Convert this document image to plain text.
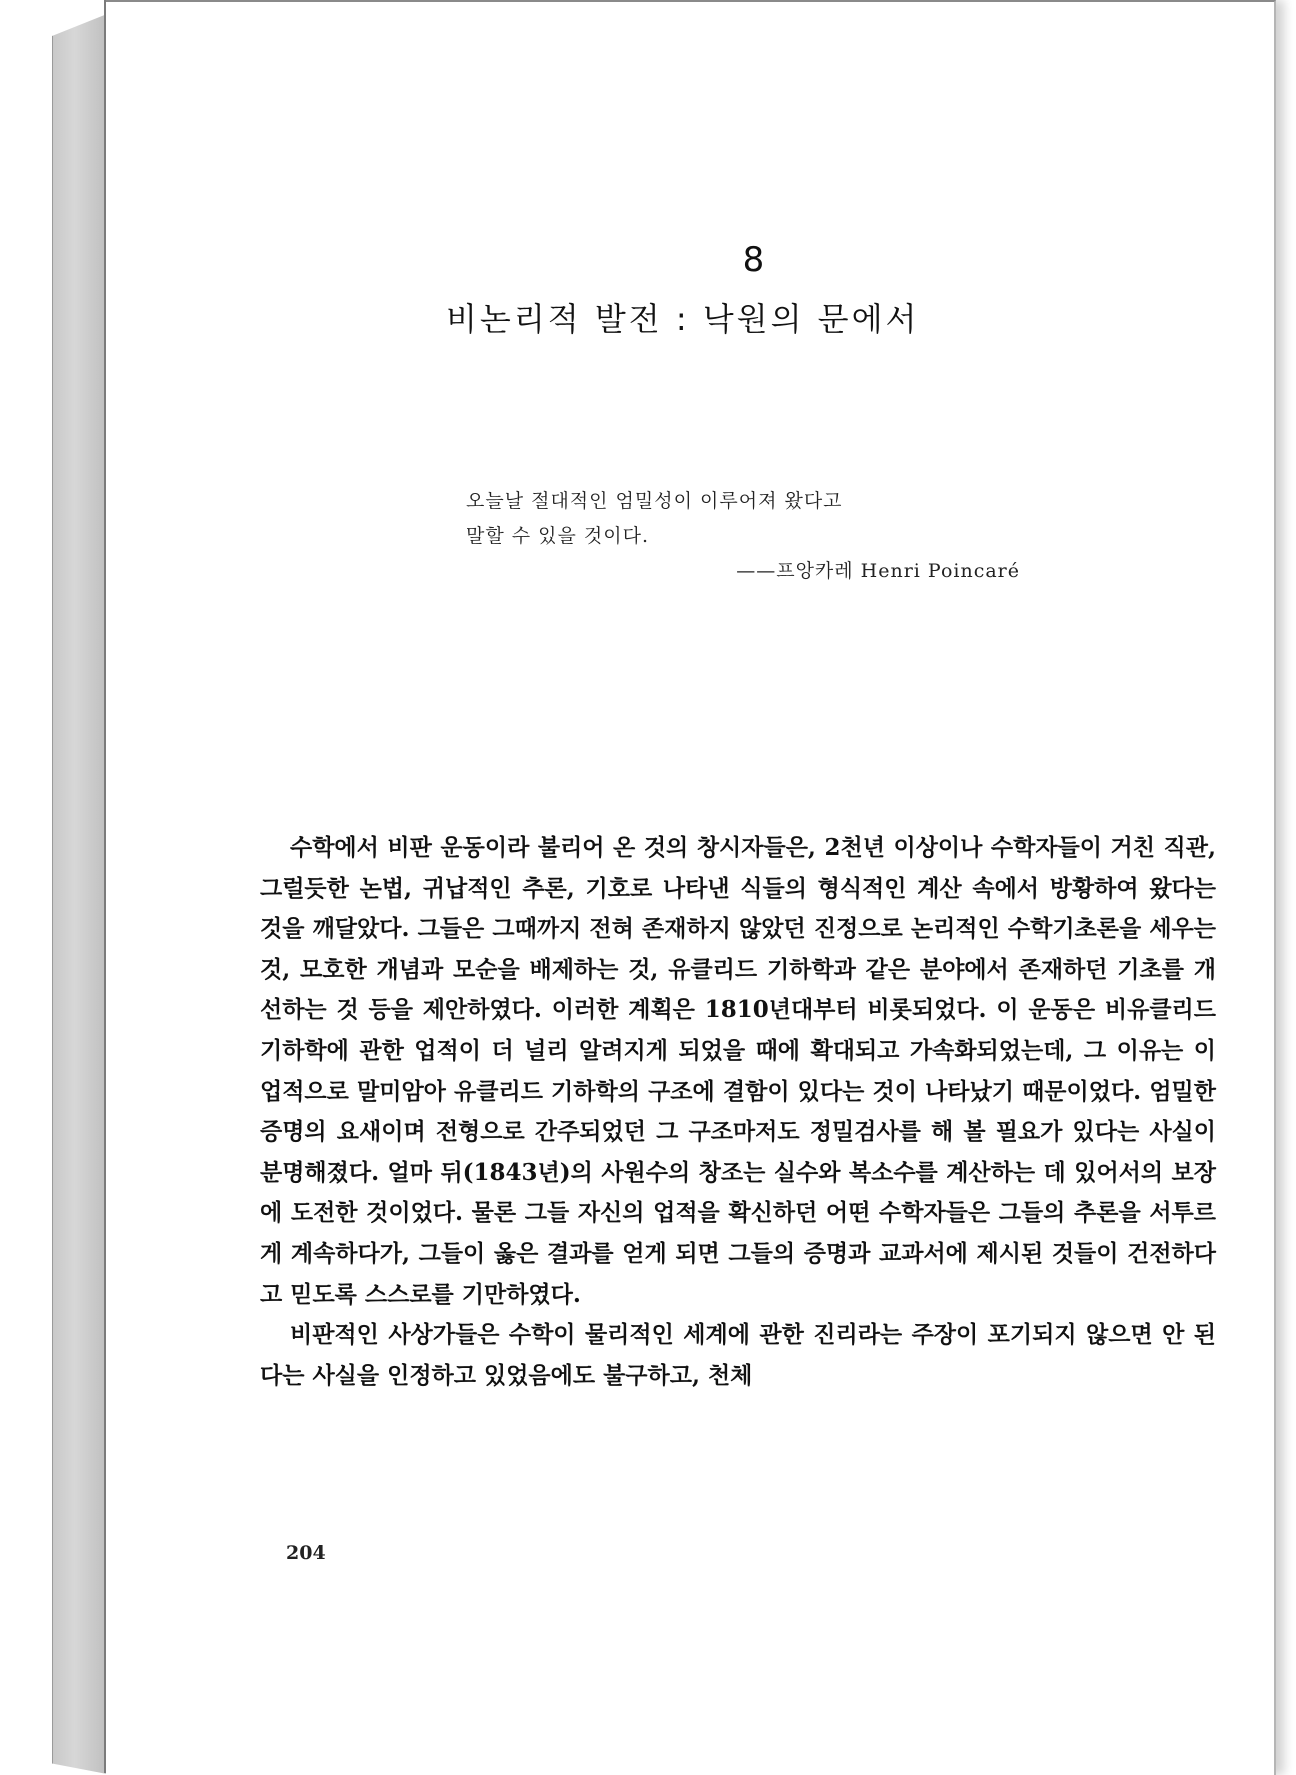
8
비논리적 발전 : 낙원의 문에서

오늘날 절대적인 엄밀성이 이루어져 왔다고

말할 수 있을 것이다.

——프앙카레 Henri Poincaré

수학에서 비판 운동이라 불리어 온 것의 창시자들은, 2천년 이상이나 수학자들이 거친 직관, 그럴듯한 논법, 귀납적인 추론, 기호로 나타낸 식들의 형식적인 계산 속에서 방황하여 왔다는 것을 깨달았다. 그들은 그때까지 전혀 존재하지 않았던 진정으로 논리적인 수학기초론을 세우는 것, 모호한 개념과 모순을 배제하는 것, 유클리드 기하학과 같은 분야에서 존재하던 기초를 개선하는 것 등을 제안하였다. 이러한 계획은 1810년대부터 비롯되었다. 이 운동은 비유클리드 기하학에 관한 업적이 더 널리 알려지게 되었을 때에 확대되고 가속화되었는데, 그 이유는 이 업적으로 말미암아 유클리드 기하학의 구조에 결함이 있다는 것이 나타났기 때문이었다. 엄밀한 증명의 요새이며 전형으로 간주되었던 그 구조마저도 정밀검사를 해 볼 필요가 있다는 사실이 분명해졌다. 얼마 뒤(1843년)의 사원수의 창조는 실수와 복소수를 계산하는 데 있어서의 보장에 도전한 것이었다. 물론 그들 자신의 업적을 확신하던 어떤 수학자들은 그들의 추론을 서투르게 계속하다가, 그들이 옳은 결과를 얻게 되면 그들의 증명과 교과서에 제시된 것들이 건전하다고 믿도록 스스로를 기만하였다.

비판적인 사상가들은 수학이 물리적인 세계에 관한 진리라는 주장이 포기되지 않으면 안 된다는 사실을 인정하고 있었음에도 불구하고, 천체

204
